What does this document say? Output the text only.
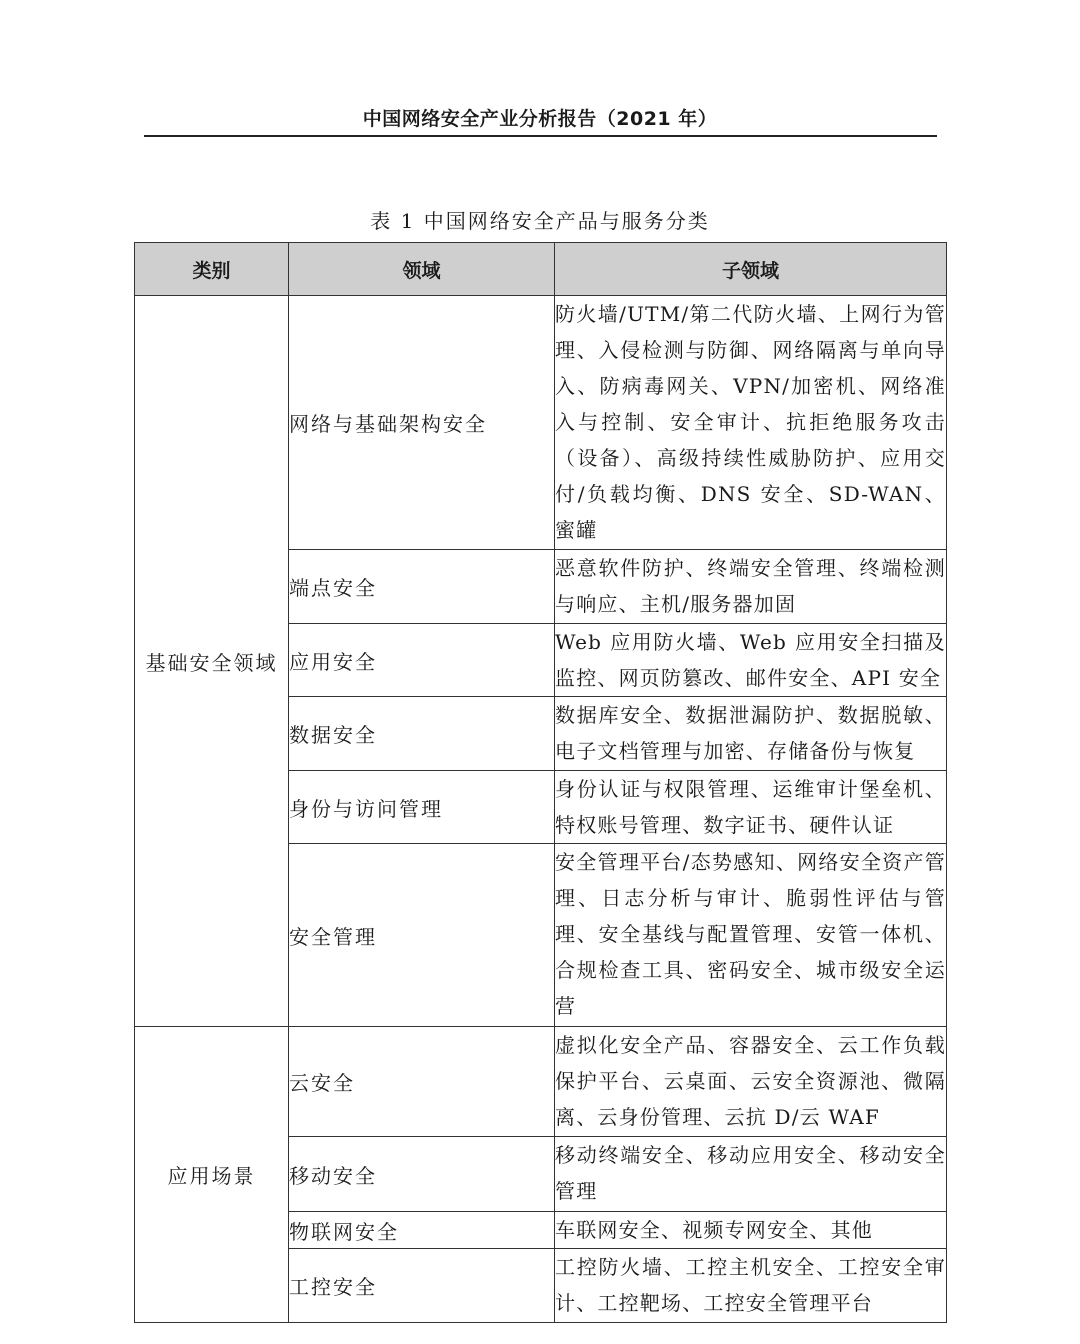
中国网络安全产业分析报告（2021 年）
表 1 中国网络安全产品与服务分类
类别	领域	子领域
基础安全领域	网络与基础架构安全	防火墙/UTM/第二代防火墙、上网行为管理、入侵检测与防御、网络隔离与单向导入、防病毒网关、VPN/加密机、网络准入与控制、安全审计、抗拒绝服务攻击（设备）、高级持续性威胁防护、应用交付/负载均衡、DNS 安全、SD-WAN、蜜罐
	端点安全	恶意软件防护、终端安全管理、终端检测与响应、主机/服务器加固
	应用安全	Web 应用防火墙、Web 应用安全扫描及监控、网页防篡改、邮件安全、API 安全
	数据安全	数据库安全、数据泄漏防护、数据脱敏、电子文档管理与加密、存储备份与恢复
	身份与访问管理	身份认证与权限管理、运维审计堡垒机、特权账号管理、数字证书、硬件认证
	安全管理	安全管理平台/态势感知、网络安全资产管理、日志分析与审计、脆弱性评估与管理、安全基线与配置管理、安管一体机、合规检查工具、密码安全、城市级安全运营
应用场景	云安全	虚拟化安全产品、容器安全、云工作负载保护平台、云桌面、云安全资源池、微隔离、云身份管理、云抗 D/云 WAF
	移动安全	移动终端安全、移动应用安全、移动安全管理
	物联网安全	车联网安全、视频专网安全、其他
	工控安全	工控防火墙、工控主机安全、工控安全审计、工控靶场、工控安全管理平台
